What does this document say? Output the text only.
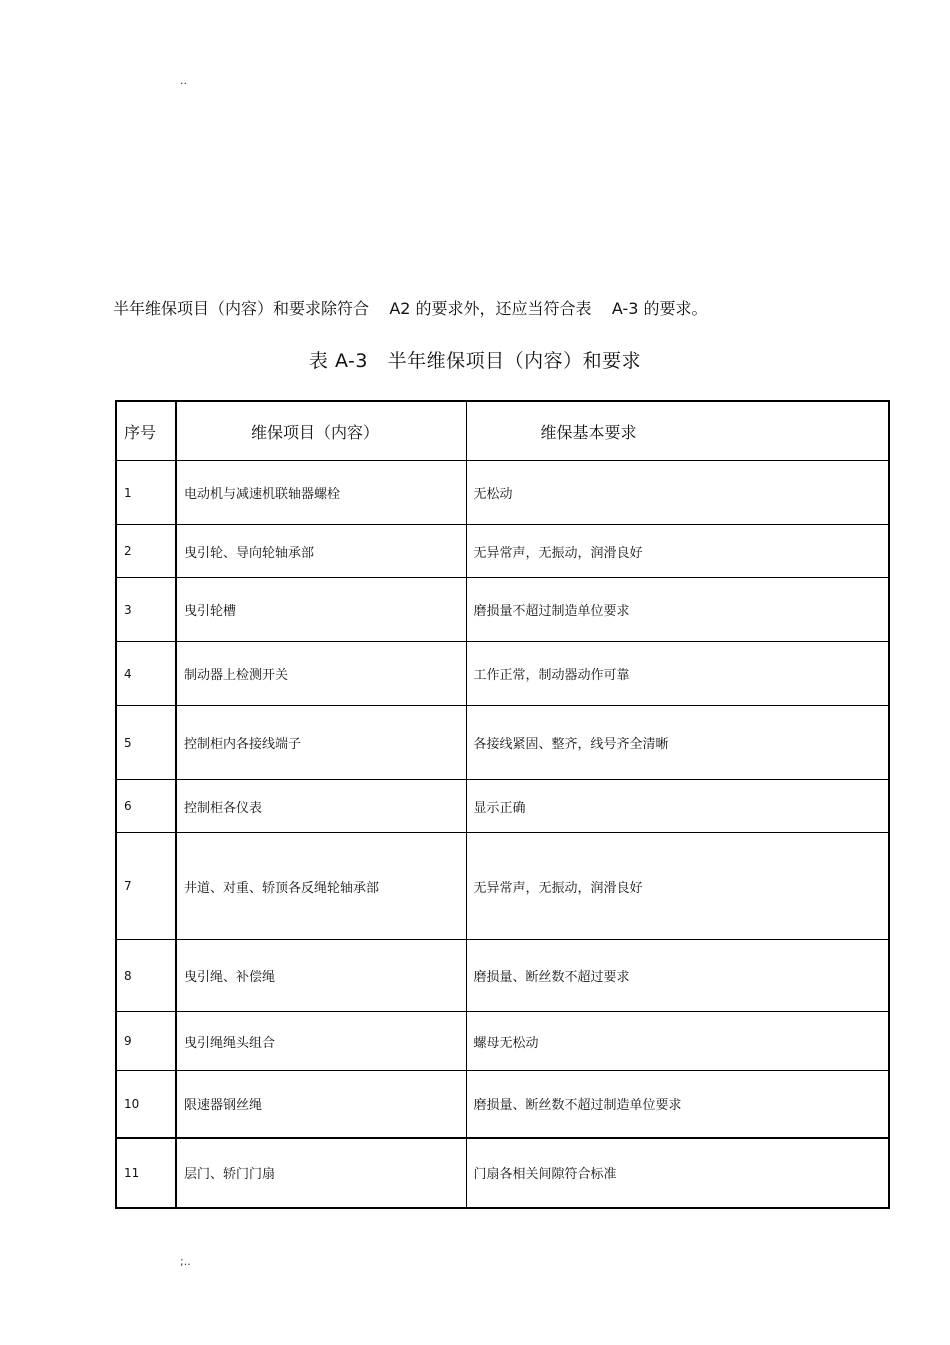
..
半年维保项目（内容）和要求除符合    A2 的要求外，还应当符合表    A-3 的要求。
表 A-3   半年维保项目（内容）和要求
序号	维保项目（内容）	维保基本要求
1	电动机与减速机联轴器螺栓	无松动
2	曳引轮、导向轮轴承部	无异常声，无振动，润滑良好
3	曳引轮槽	磨损量不超过制造单位要求
4	制动器上检测开关	工作正常，制动器动作可靠
5	控制柜内各接线端子	各接线紧固、整齐，线号齐全清晰
6	控制柜各仪表	显示正确
7	井道、对重、轿顶各反绳轮轴承部	无异常声，无振动，润滑良好
8	曳引绳、补偿绳	磨损量、断丝数不超过要求
9	曳引绳绳头组合	螺母无松动
10	限速器钢丝绳	磨损量、断丝数不超过制造单位要求
11	层门、轿门门扇	门扇各相关间隙符合标准
;..
